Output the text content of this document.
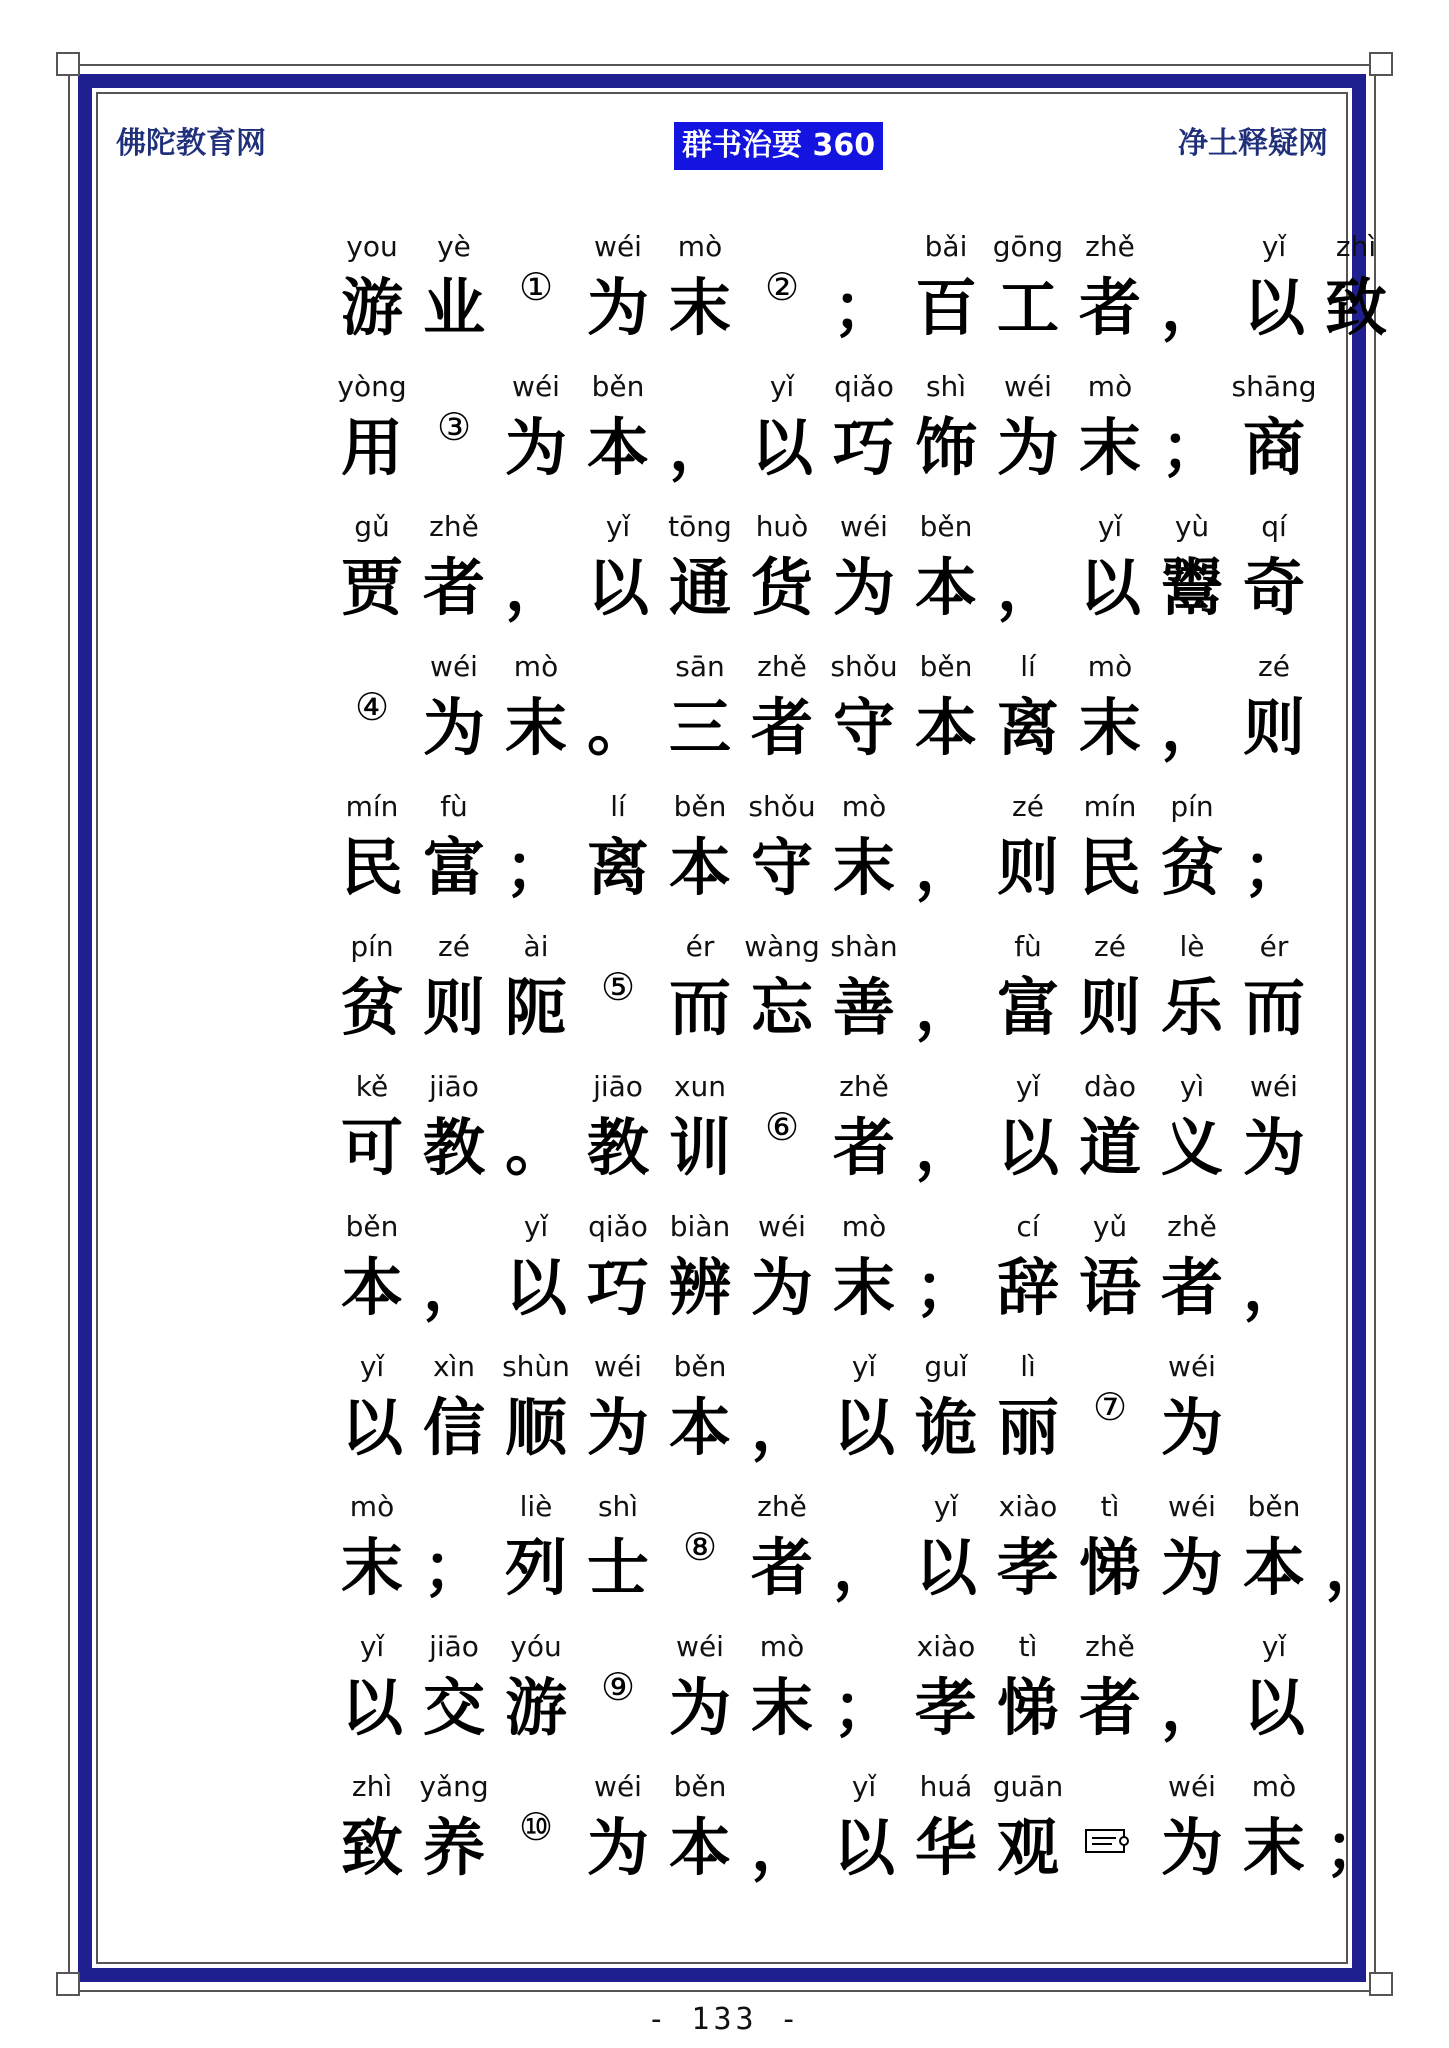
佛陀教育网	群书治要 360	净土释疑网
you
游
yè
业 ①
wéi
为
mò
末 ② ；
bǎi
百
gōng
工
zhě
者 ，
yǐ
以
zhì
致
yòng
用 ③
wéi
为
běn
本 ，
yǐ
以
qiǎo
巧
shì
饰
wéi
为
mò
末 ；
shāng
商
gǔ
贾
zhě
者 ，
yǐ
以
tōng
通
huò
货
wéi
为
běn
本 ，
yǐ
以
yù
鬻
qí
奇
④
wéi
为
mò
末 。
sān
三
zhě
者
shǒu
守
běn
本
lí
离
mò
末 ，
zé
则
mín
民
fù
富 ；
lí
离
běn
本
shǒu
守
mò
末 ，
zé
则
mín
民
pín
贫 ；
pín
贫
zé
则
ài
阨 ⑤
ér
而
wàng
忘
shàn
善 ，
fù
富
zé
则
lè
乐
ér
而
kě
可
jiāo
教 。
jiāo
教
xun
训 ⑥
zhě
者 ，
yǐ
以
dào
道
yì
义
wéi
为
běn
本 ，
yǐ
以
qiǎo
巧
biàn
辨
wéi
为
mò
末 ；
cí
辞
yǔ
语
zhě
者 ，
yǐ
以
xìn
信
shùn
顺
wéi
为
běn
本 ，
yǐ
以
guǐ
诡
lì
丽 ⑦
wéi
为
mò
末 ；
liè
列
shì
士 ⑧
zhě
者 ，
yǐ
以
xiào
孝
tì
悌
wéi
为
běn
本 ，
yǐ
以
jiāo
交
yóu
游 ⑨
wéi
为
mò
末 ；
xiào
孝
tì
悌
zhě
者 ，
yǐ
以
zhì
致
yǎng
养 ⑩
wéi
为
běn
本 ，
yǐ
以
huá
华
guān
观
wéi
为
mò
末 ；
- 133 -
